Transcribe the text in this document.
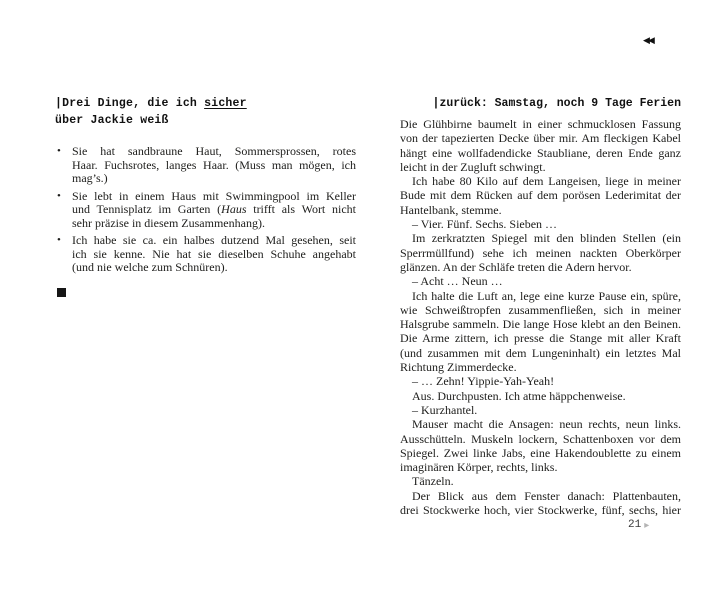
◀◀
|Drei Dinge, die ich sicher
über Jackie weiß
• Sie hat sandbraune Haut, Sommersprossen, rotes
Haar. Fuchsrotes, langes Haar. (Muss man mögen, ich
mag’s.)
• Sie lebt in einem Haus mit Swimmingpool im Keller
und Tennisplatz im Garten (Haus trifft als Wort nicht
sehr präzise in diesem Zusammenhang).
• Ich habe sie ca. ein halbes dutzend Mal gesehen, seit
ich sie kenne. Nie hat sie dieselben Schuhe angehabt
(und nie welche zum Schnüren).
|zurück: Samstag, noch 9 Tage Ferien
Die Glühbirne baumelt in einer schmucklosen Fassung
von der tapezierten Decke über mir. Am fleckigen Kabel
hängt eine wollfadendicke Staubliane, deren Ende ganz
leicht in der Zugluft schwingt.
Ich habe 80 Kilo auf dem Langeisen, liege in meiner
Bude mit dem Rücken auf dem porösen Lederimitat der
Hantelbank, stemme.
– Vier. Fünf. Sechs. Sieben …
Im zerkratzten Spiegel mit den blinden Stellen (ein
Sperrmüllfund) sehe ich meinen nackten Oberkörper
glänzen. An der Schläfe treten die Adern hervor.
– Acht … Neun …
Ich halte die Luft an, lege eine kurze Pause ein, spüre,
wie Schweißtropfen zusammenfließen, sich in meiner
Halsgrube sammeln. Die lange Hose klebt an den Beinen.
Die Arme zittern, ich presse die Stange mit aller Kraft
(und zusammen mit dem Lungeninhalt) ein letztes Mal
Richtung Zimmerdecke.
– … Zehn! Yippie-Yah-Yeah!
Aus. Durchpusten. Ich atme häppchenweise.
– Kurzhantel.
Mauser macht die Ansagen: neun rechts, neun links.
Ausschütteln. Muskeln lockern, Schattenboxen vor dem
Spiegel. Zwei linke Jabs, eine Hakendoublette zu einem
imaginären Körper, rechts, links.
Tänzeln.
Der Blick aus dem Fenster danach: Plattenbauten,
drei Stockwerke hoch, vier Stockwerke, fünf, sechs, hier
21 ▸
